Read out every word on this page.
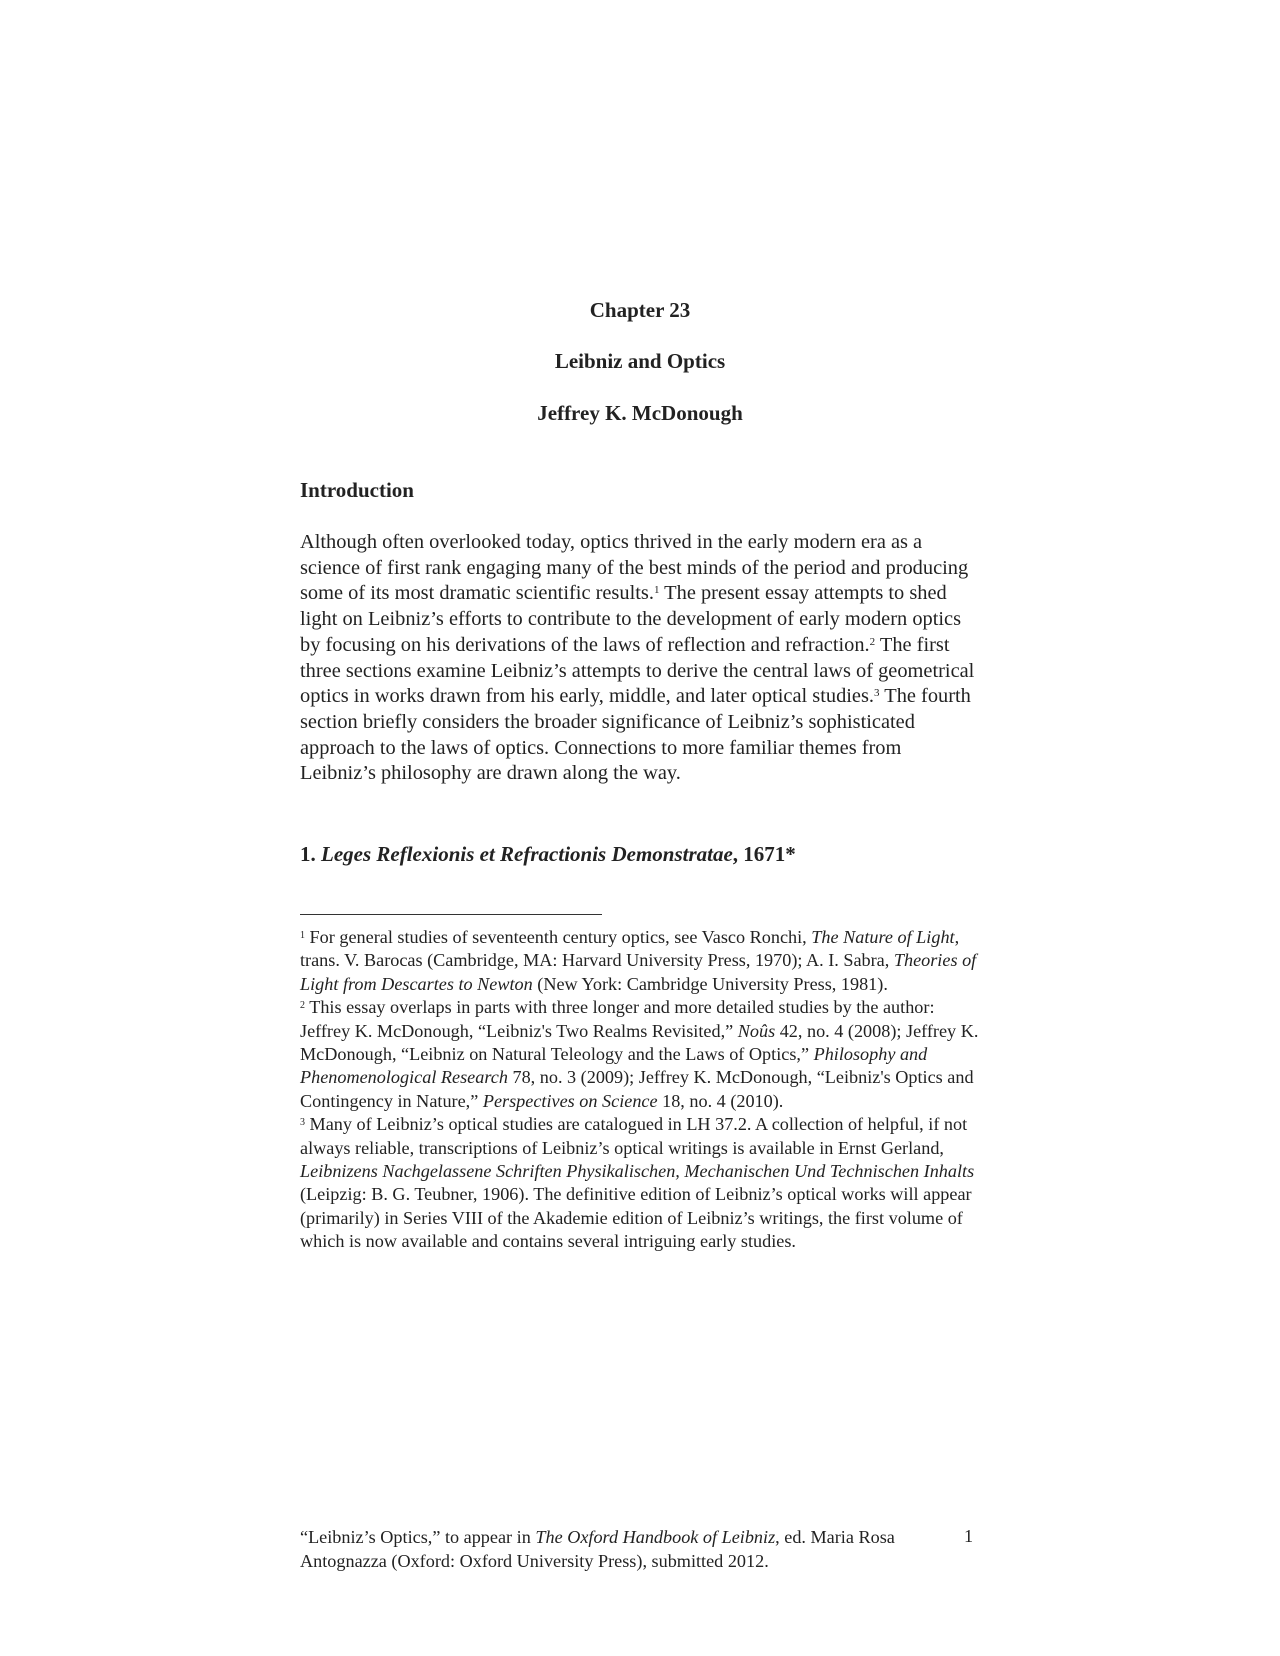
Chapter 23
Leibniz and Optics
Jeffrey K. McDonough
Introduction

Although often overlooked today, optics thrived in the early modern era as a science of first rank engaging many of the best minds of the period and producing some of its most dramatic scientific results.$^1$ The present essay attempts to shed light on Leibniz’s efforts to contribute to the development of early modern optics by focusing on his derivations of the laws of reflection and refraction.$^2$ The first three sections examine Leibniz’s attempts to derive the central laws of geometrical optics in works drawn from his early, middle, and later optical studies.$^3$ The fourth section briefly considers the broader significance of Leibniz’s sophisticated approach to the laws of optics. Connections to more familiar themes from Leibniz’s philosophy are drawn along the way.

1. Leges Reflexionis et Refractionis Demonstratae, 1671*

$^1$ For general studies of seventeenth century optics, see Vasco Ronchi, The Nature of Light, trans. V. Barocas (Cambridge, MA: Harvard University Press, 1970); A. I. Sabra, Theories of Light from Descartes to Newton (New York: Cambridge University Press, 1981).

$^2$ This essay overlaps in parts with three longer and more detailed studies by the author: Jeffrey K. McDonough, “Leibniz's Two Realms Revisited,” Noûs 42, no. 4 (2008); Jeffrey K. McDonough, “Leibniz on Natural Teleology and the Laws of Optics,” Philosophy and Phenomenological Research 78, no. 3 (2009); Jeffrey K. McDonough, “Leibniz's Optics and Contingency in Nature,” Perspectives on Science 18, no. 4 (2010).

$^3$ Many of Leibniz’s optical studies are catalogued in LH 37.2. A collection of helpful, if not always reliable, transcriptions of Leibniz’s optical writings is available in Ernst Gerland, Leibnizens Nachgelassene Schriften Physikalischen, Mechanischen Und Technischen Inhalts (Leipzig: B. G. Teubner, 1906). The definitive edition of Leibniz’s optical works will appear (primarily) in Series VIII of the Akademie edition of Leibniz’s writings, the first volume of which is now available and contains several intriguing early studies.

“Leibniz’s Optics,” to appear in The Oxford Handbook of Leibniz, ed. Maria Rosa Antognazza (Oxford: Oxford University Press), submitted 2012.
1
